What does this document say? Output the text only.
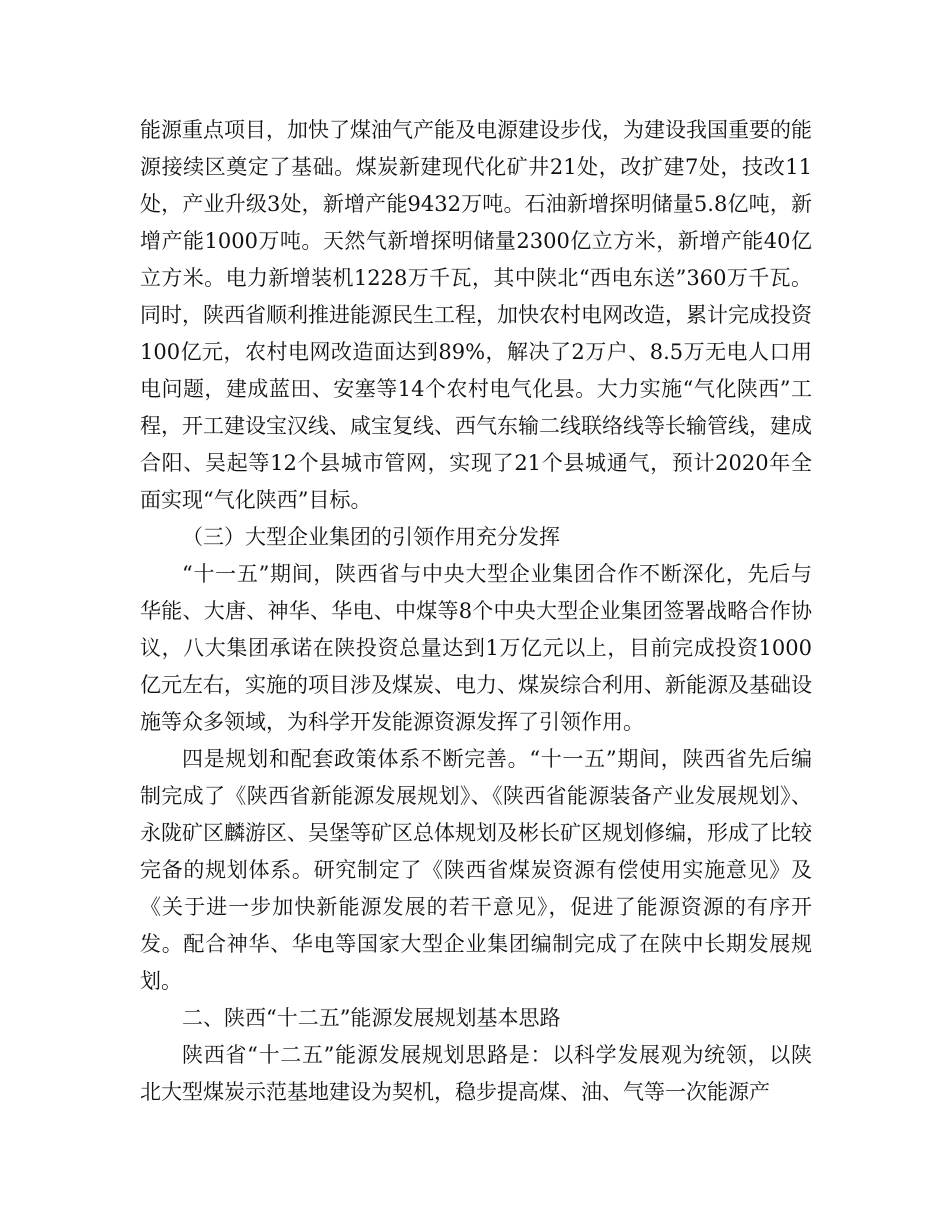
能源重点项目，加快了煤油气产能及电源建设步伐，为建设我国重要的能源接续区奠定了基础。煤炭新建现代化矿井21处，改扩建7处，技改11处，产业升级3处，新增产能9432万吨。石油新增探明储量5.8亿吨，新增产能1000万吨。天然气新增探明储量2300亿立方米，新增产能40亿立方米。电力新增装机1228万千瓦，其中陕北“西电东送”360万千瓦。同时，陕西省顺利推进能源民生工程，加快农村电网改造，累计完成投资100亿元，农村电网改造面达到89%，解决了2万户、8.5万无电人口用电问题，建成蓝田、安塞等14个农村电气化县。大力实施“气化陕西”工程，开工建设宝汉线、咸宝复线、西气东输二线联络线等长输管线，建成合阳、吴起等12个县城市管网，实现了21个县城通气，预计2020年全面实现“气化陕西”目标。

（三）大型企业集团的引领作用充分发挥

“十一五”期间，陕西省与中央大型企业集团合作不断深化，先后与华能、大唐、神华、华电、中煤等8个中央大型企业集团签署战略合作协议，八大集团承诺在陕投资总量达到1万亿元以上，目前完成投资1000亿元左右，实施的项目涉及煤炭、电力、煤炭综合利用、新能源及基础设施等众多领域，为科学开发能源资源发挥了引领作用。

四是规划和配套政策体系不断完善。“十一五”期间，陕西省先后编制完成了《陕西省新能源发展规划》、《陕西省能源装备产业发展规划》、永陇矿区麟游区、吴堡等矿区总体规划及彬长矿区规划修编，形成了比较完备的规划体系。研究制定了《陕西省煤炭资源有偿使用实施意见》及《关于进一步加快新能源发展的若干意见》，促进了能源资源的有序开发。配合神华、华电等国家大型企业集团编制完成了在陕中长期发展规划。

二、陕西“十二五”能源发展规划基本思路

陕西省“十二五”能源发展规划思路是：以科学发展观为统领，以陕北大型煤炭示范基地建设为契机，稳步提高煤、油、气等一次能源产
